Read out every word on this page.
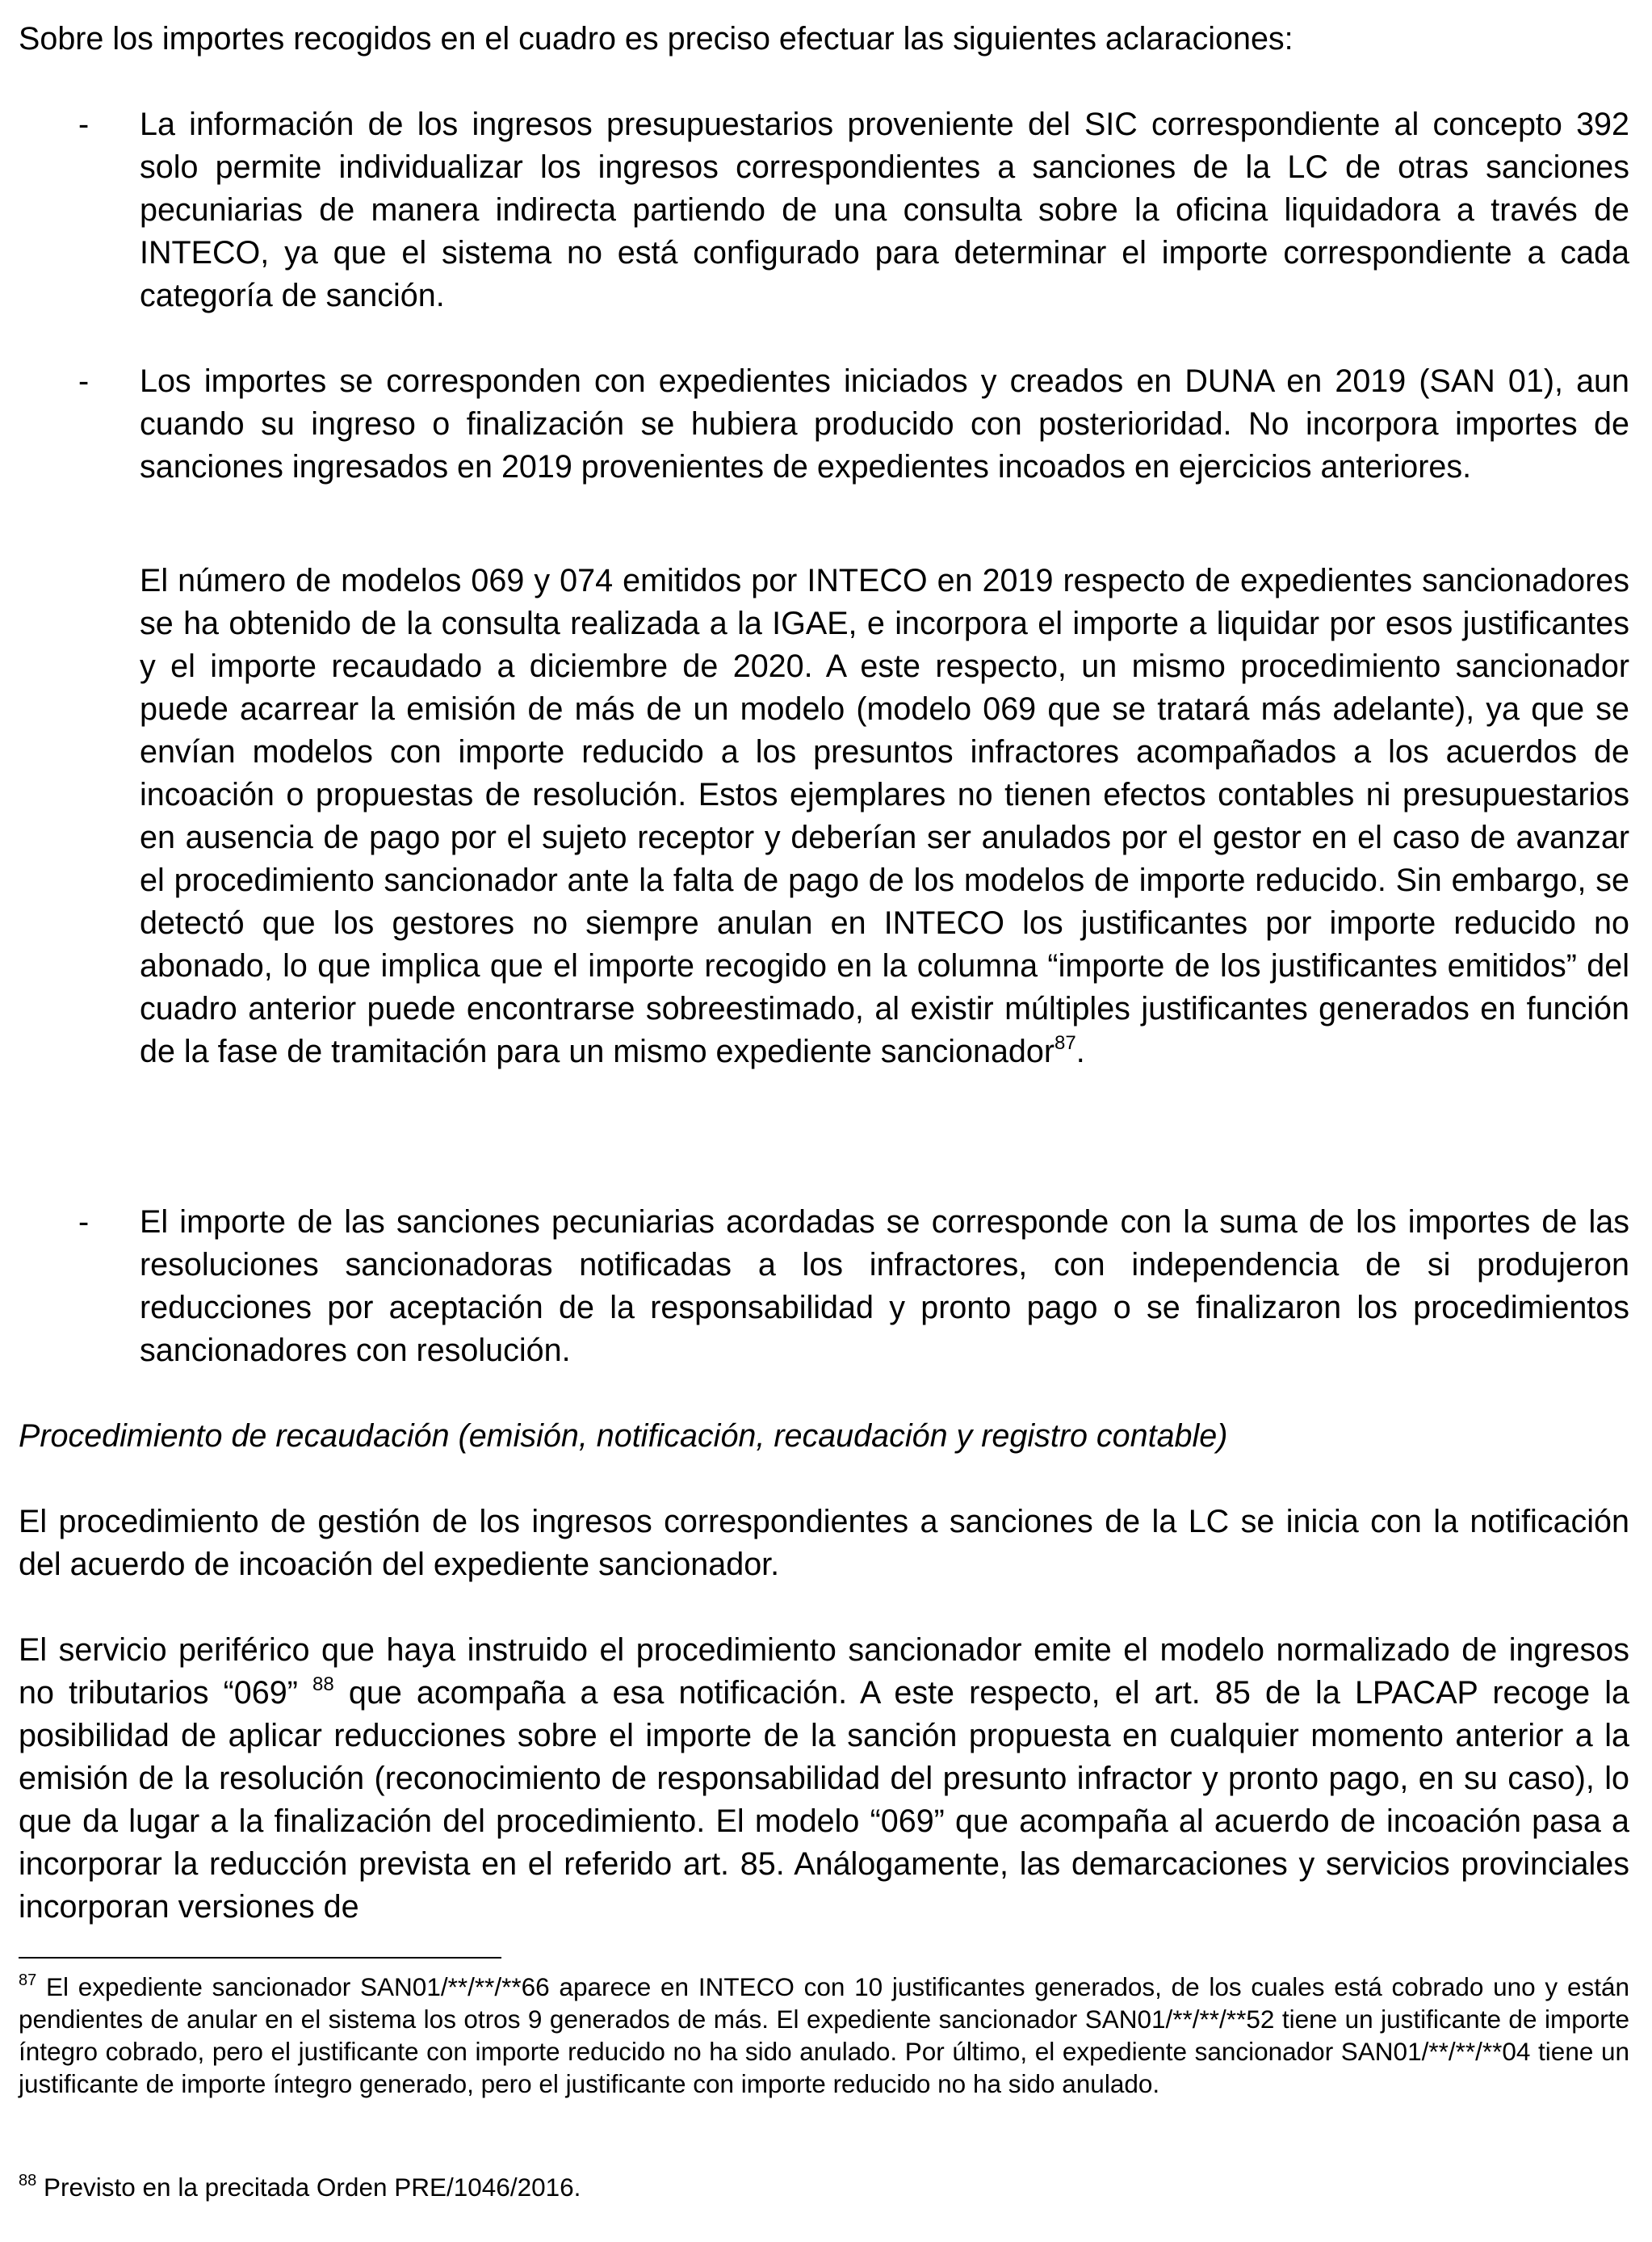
Sobre los importes recogidos en el cuadro es preciso efectuar las siguientes aclaraciones:

- La información de los ingresos presupuestarios proveniente del SIC correspondiente al concepto 392 solo permite individualizar los ingresos correspondientes a sanciones de la LC de otras sanciones pecuniarias de manera indirecta partiendo de una consulta sobre la oficina liquidadora a través de INTECO, ya que el sistema no está configurado para determinar el importe correspondiente a cada categoría de sanción.

- Los importes se corresponden con expedientes iniciados y creados en DUNA en 2019 (SAN 01), aun cuando su ingreso o finalización se hubiera producido con posterioridad. No incorpora importes de sanciones ingresados en 2019 provenientes de expedientes incoados en ejercicios anteriores.

El número de modelos 069 y 074 emitidos por INTECO en 2019 respecto de expedientes sancionadores se ha obtenido de la consulta realizada a la IGAE, e incorpora el importe a liquidar por esos justificantes y el importe recaudado a diciembre de 2020. A este respecto, un mismo procedimiento sancionador puede acarrear la emisión de más de un modelo (modelo 069 que se tratará más adelante), ya que se envían modelos con importe reducido a los presuntos infractores acompañados a los acuerdos de incoación o propuestas de resolución. Estos ejemplares no tienen efectos contables ni presupuestarios en ausencia de pago por el sujeto receptor y deberían ser anulados por el gestor en el caso de avanzar el procedimiento sancionador ante la falta de pago de los modelos de importe reducido. Sin embargo, se detectó que los gestores no siempre anulan en INTECO los justificantes por importe reducido no abonado, lo que implica que el importe recogido en la columna “importe de los justificantes emitidos” del cuadro anterior puede encontrarse sobreestimado, al existir múltiples justificantes generados en función de la fase de tramitación para un mismo expediente sancionador$^{87}$.

- El importe de las sanciones pecuniarias acordadas se corresponde con la suma de los importes de las resoluciones sancionadoras notificadas a los infractores, con independencia de si produjeron reducciones por aceptación de la responsabilidad y pronto pago o se finalizaron los procedimientos sancionadores con resolución.

Procedimiento de recaudación (emisión, notificación, recaudación y registro contable)

El procedimiento de gestión de los ingresos correspondientes a sanciones de la LC se inicia con la notificación del acuerdo de incoación del expediente sancionador.

El servicio periférico que haya instruido el procedimiento sancionador emite el modelo normalizado de ingresos no tributarios “069” $^{88}$ que acompaña a esa notificación. A este respecto, el art. 85 de la LPACAP recoge la posibilidad de aplicar reducciones sobre el importe de la sanción propuesta en cualquier momento anterior a la emisión de la resolución (reconocimiento de responsabilidad del presunto infractor y pronto pago, en su caso), lo que da lugar a la finalización del procedimiento. El modelo “069” que acompaña al acuerdo de incoación pasa a incorporar la reducción prevista en el referido art. 85. Análogamente, las demarcaciones y servicios provinciales incorporan versiones de

$^{87}$ El expediente sancionador SAN01/**/**/**66 aparece en INTECO con 10 justificantes generados, de los cuales está cobrado uno y están pendientes de anular en el sistema los otros 9 generados de más. El expediente sancionador SAN01/**/**/**52 tiene un justificante de importe íntegro cobrado, pero el justificante con importe reducido no ha sido anulado. Por último, el expediente sancionador SAN01/**/**/**04 tiene un justificante de importe íntegro generado, pero el justificante con importe reducido no ha sido anulado.

$^{88}$ Previsto en la precitada Orden PRE/1046/2016.
